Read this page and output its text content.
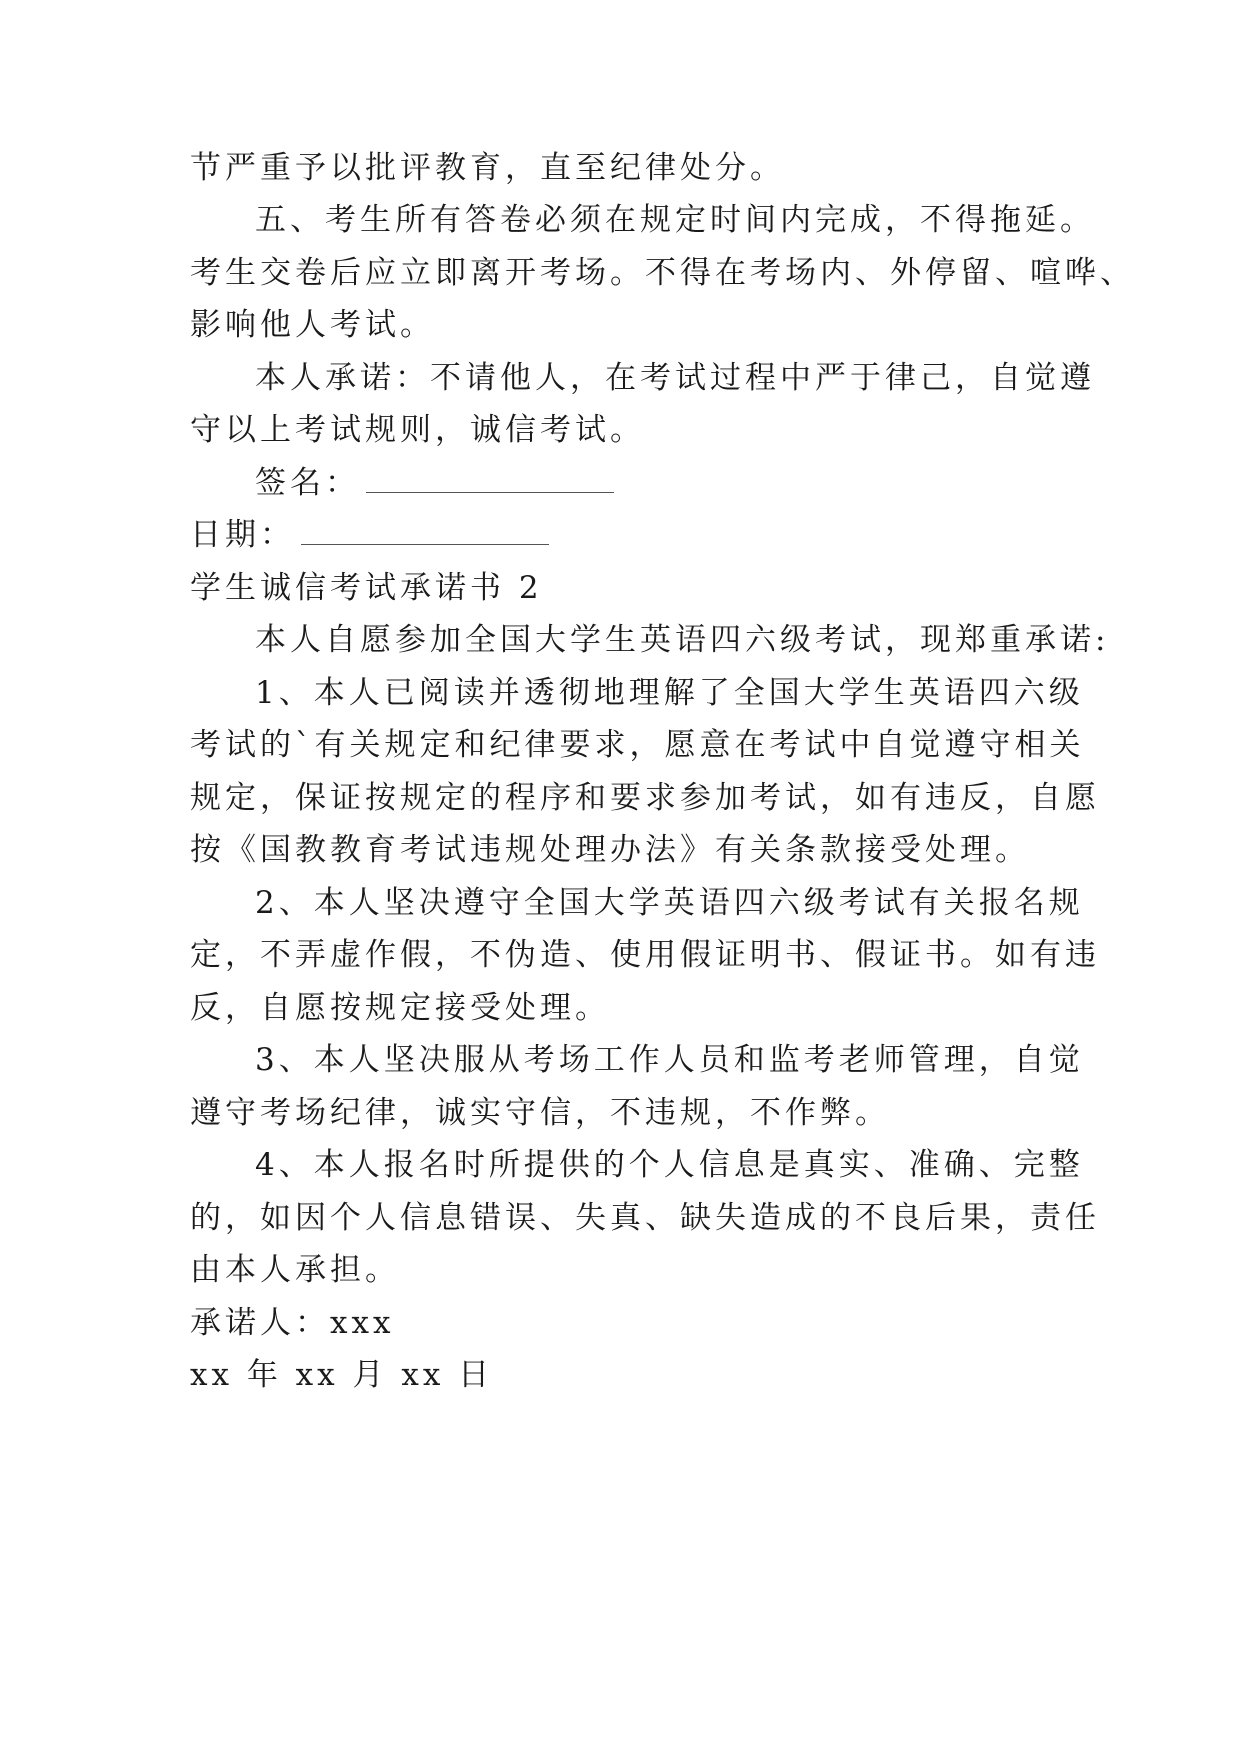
节严重予以批评教育，直至纪律处分。
五、考生所有答卷必须在规定时间内完成，不得拖延。
考生交卷后应立即离开考场。不得在考场内、外停留、喧哗、
影响他人考试。
本人承诺：不请他人，在考试过程中严于律己，自觉遵
守以上考试规则，诚信考试。
签名：
日期：
学生诚信考试承诺书 2
本人自愿参加全国大学生英语四六级考试，现郑重承诺:
1、本人已阅读并透彻地理解了全国大学生英语四六级
考试的`有关规定和纪律要求，愿意在考试中自觉遵守相关
规定，保证按规定的程序和要求参加考试，如有违反，自愿
按《国教教育考试违规处理办法》有关条款接受处理。
2、本人坚决遵守全国大学英语四六级考试有关报名规
定，不弄虚作假，不伪造、使用假证明书、假证书。如有违
反，自愿按规定接受处理。
3、本人坚决服从考场工作人员和监考老师管理，自觉
遵守考场纪律，诚实守信，不违规，不作弊。
4、本人报名时所提供的个人信息是真实、准确、完整
的，如因个人信息错误、失真、缺失造成的不良后果，责任
由本人承担。
承诺人：xxx
xx 年 xx 月 xx 日
